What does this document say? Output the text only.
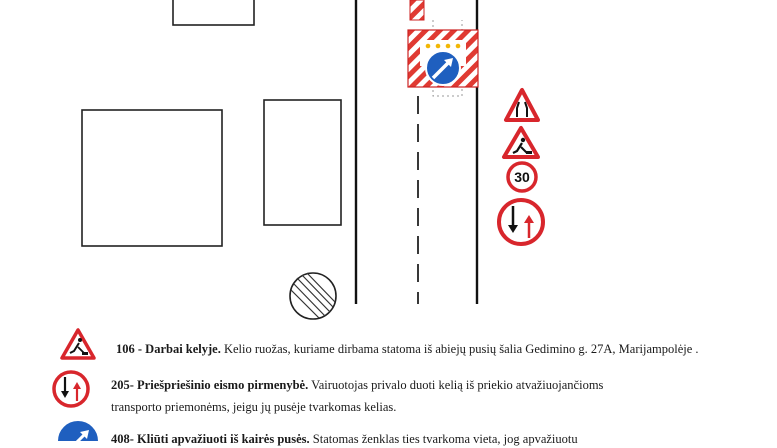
30
106 - Darbai kelyje. Kelio ruožas, kuriame dirbama statoma iš abiejų pusių šalia Gedimino g. 27A, Marijampolėje .
205- Priešpriešinio eismo pirmenybė. Vairuotojas privalo duoti kelią iš priekio atvažiuojančioms
transporto priemonėms, jeigu jų pusėje tvarkomas kelias.
408- Kliūti apvažiuoti iš kairės pusės. Statomas ženklas ties tvarkoma vieta, jog apvažiuotu
